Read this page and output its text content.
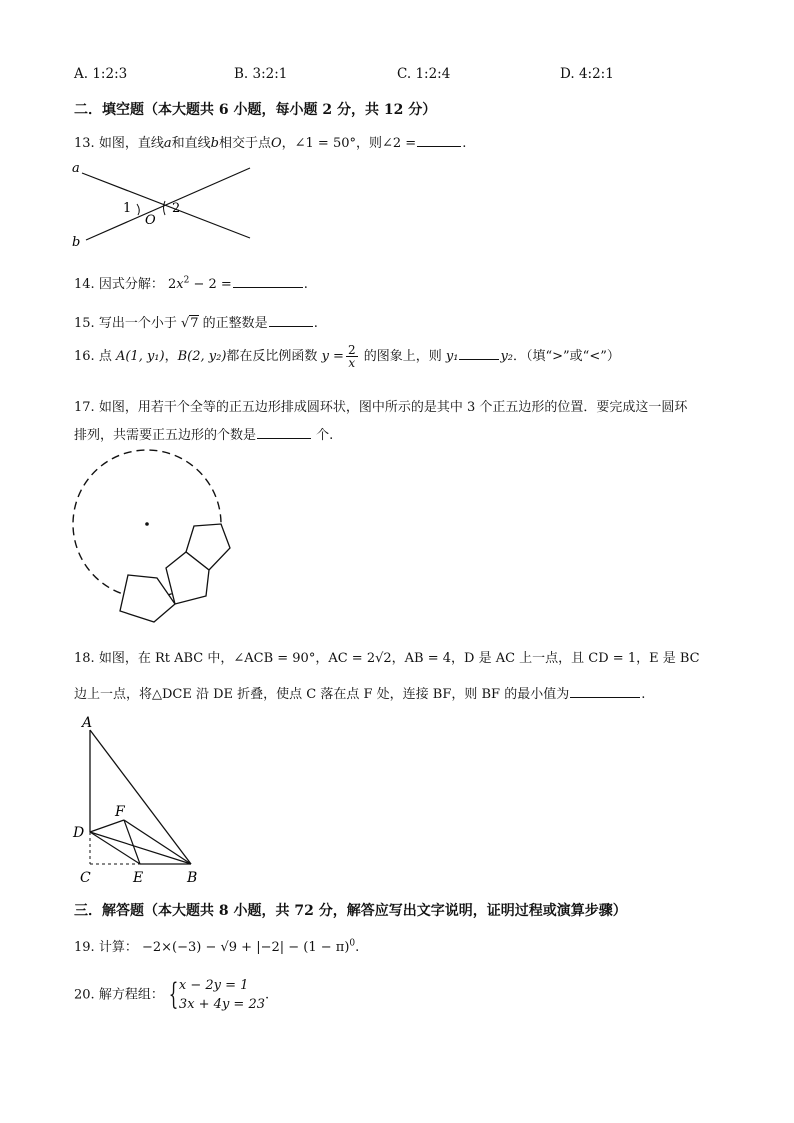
A. 1:2:3	B. 3:2:1	C. 1:2:4	D. 4:2:1
二．填空题（本大题共 6 小题，每小题 2 分，共 12 分）
13. 如图，直线a和直线b相交于点O，∠1 = 50°，则∠2 =	.
a
b
1	2
O
14. 因式分解： $2x^2 - 2$ =	.
15. 写出一个小于 √7 的正整数是	.
16. 点 A(1, y₁)，B(2, y₂)都在反比例函数 $y = \frac{2}{x}$ 的图象上，则 y₁	y₂．（填“>”或“<”）
17. 如图，用若干个全等的正五边形排成圆环状，图中所示的是其中 3 个正五边形的位置．要完成这一圆环
排列，共需要正五边形的个数是	个.
18. 如图，在 Rt ABC 中，∠ACB = 90°，AC = 2√2，AB = 4，D 是 AC 上一点，且 CD = 1，E 是 BC
边上一点，将△DCE 沿 DE 折叠，使点 C 落在点 F 处，连接 BF，则 BF 的最小值为	.
A
D
C	E	B
F
三．解答题（本大题共 8 小题，共 72 分，解答应写出文字说明，证明过程或演算步骤）
19. 计算： $-2\times(-3) - √9 + |-2| - (1 - \pi)^0$.
20. 解方程组： {x − 2y = 1
3x + 4y = 23.
